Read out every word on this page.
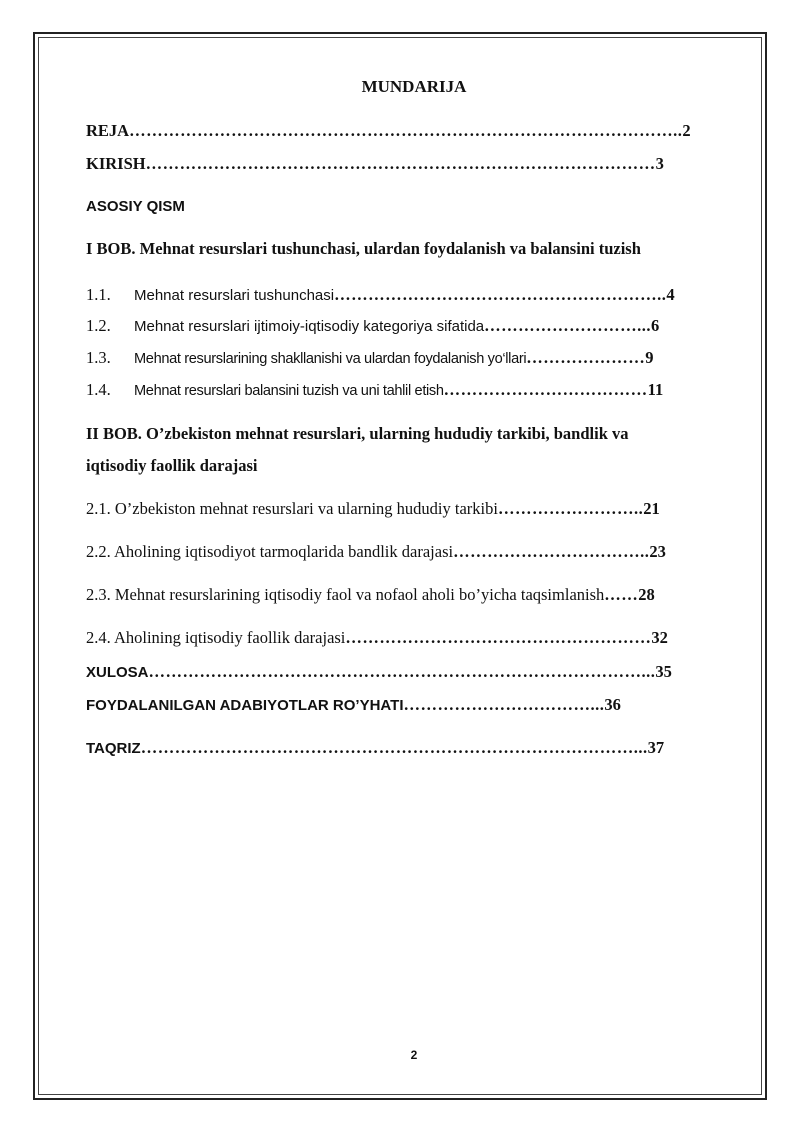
MUNDARIJA
REJA……………………………………………………………………………………..2
KIRISH………………………………………………………………………………3
ASOSIY QISM
I BOB. Mehnat resurslari tushunchasi, ulardan foydalanish va balansini tuzish
1.1. Mehnat resurslari tushunchasi…………………………………………………..4
1.2. Mehnat resurslari ijtimoiy-iqtisodiy kategoriya sifatida………………………...6
1.3. Mehnat resurslarining shakllanishi va ulardan foydalanish yo‘llari…………………9
1.4. Mehnat resurslari balansini tuzish va uni tahlil etish………………………………11
II BOB. O’zbekiston mehnat resurslari, ularning hududiy tarkibi, bandlik va
iqtisodiy faollik darajasi
2.1. O’zbekiston mehnat resurslari va ularning hududiy tarkibi……………………..21
2.2. Aholining iqtisodiyot tarmoqlarida bandlik darajasi……………………………..23
2.3. Mehnat resurslarining iqtisodiy faol va nofaol aholi bo’yicha taqsimlanish……28
2.4. Aholining iqtisodiy faollik darajasi………………………………………………32
XULOSA……………………………………………………………………………...35
FOYDALANILGAN ADABIYOTLAR RO’YHATI……………………………...36
TAQRIZ……………………………………………………………………………...37
2
